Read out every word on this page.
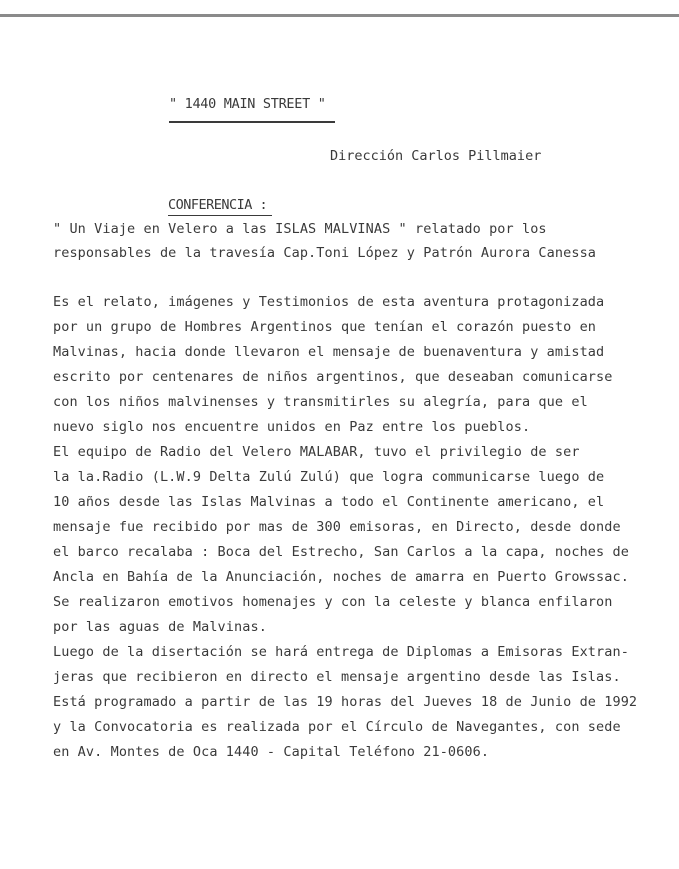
" 1440 MAIN STREET "
Dirección Carlos Pillmaier
CONFERENCIA :
" Un Viaje en Velero a las ISLAS MALVINAS " relatado por los
responsables de la travesía Cap.Toni López y Patrón Aurora Canessa
Es el relato, imágenes y Testimonios de esta aventura protagonizada
por un grupo de Hombres Argentinos que tenían el corazón puesto en
Malvinas, hacia donde llevaron el mensaje de buenaventura y amistad
escrito por centenares de niños argentinos, que deseaban comunicarse
con los niños malvinenses y transmitirles su alegría, para que el
nuevo siglo nos encuentre unidos en Paz entre los pueblos.
El equipo de Radio del Velero MALABAR, tuvo el privilegio de ser
la la.Radio (L.W.9 Delta Zulú Zulú) que logra communicarse luego de
10 años desde las Islas Malvinas a todo el Continente americano, el
mensaje fue recibido por mas de 300 emisoras, en Directo, desde donde
el barco recalaba : Boca del Estrecho, San Carlos a la capa, noches de
Ancla en Bahía de la Anunciación, noches de amarra en Puerto Growssac.
Se realizaron emotivos homenajes y con la celeste y blanca enfilaron
por las aguas de Malvinas.
Luego de la disertación se hará entrega de Diplomas a Emisoras Extran-
jeras que recibieron en directo el mensaje argentino desde las Islas.
Está programado a partir de las 19 horas del Jueves 18 de Junio de 1992
y la Convocatoria es realizada por el Círculo de Navegantes, con sede
en Av. Montes de Oca 1440 - Capital Teléfono 21-0606.
